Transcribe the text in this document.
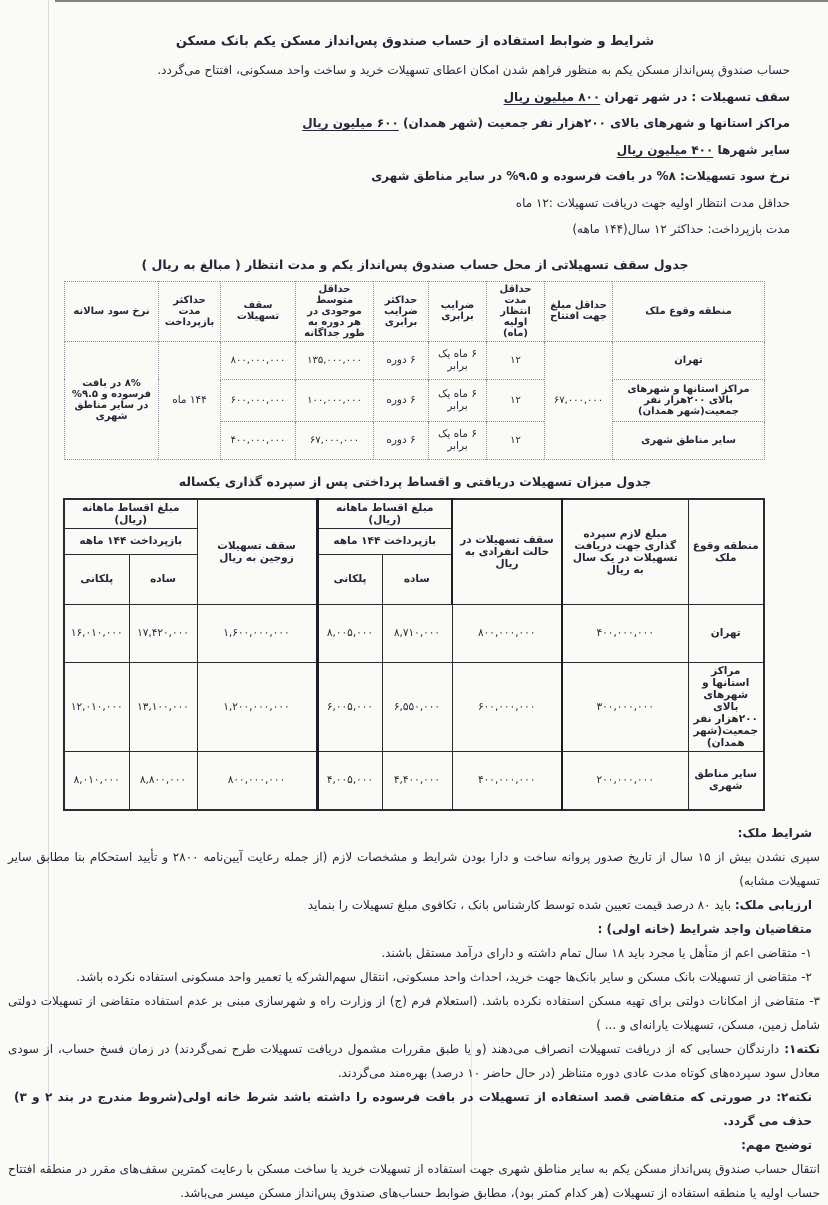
شرایط و ضوابط استفاده از حساب صندوق پس‌انداز مسکن یکم بانک مسکن
حساب صندوق پس‌انداز مسکن یکم به منظور فراهم شدن امکان اعطای تسهیلات خرید و ساخت واحد مسکونی، افتتاح می‌گردد.
سقف تسهیلات : در شهر تهران ۸۰۰ میلیون ریال
مراکز استانها و شهرهای بالای ۲۰۰هزار نفر جمعیت (شهر همدان) ۶۰۰ میلیون ریال
سایر شهرها ۴۰۰ میلیون ریال
نرخ سود تسهیلات: ۸% در بافت فرسوده و ۹.۵% در سایر مناطق شهری
حداقل مدت انتظار اولیه جهت دریافت تسهیلات :۱۲ ماه
مدت بازپرداخت: حداکثر ۱۲ سال(۱۴۴ ماهه)
جدول سقف تسهیلاتی از محل حساب صندوق پس‌انداز یکم و مدت انتظار ( مبالغ به ریال )
منطقه وقوع ملک	حداقل مبلغ جهت افتتاح	حداقل مدت انتظار اولیه (ماه)	ضرایب برابری	حداکثر ضرایب برابری	حداقل متوسط موجودی در هر دوره به طور جداگانه	سقف تسهیلات	حداکثر مدت بازپرداخت	نرخ سود سالانه
تهران	۶۷,۰۰۰,۰۰۰	۱۲	۶ ماه یک برابر	۶ دوره	۱۳۵,۰۰۰,۰۰۰	۸۰۰,۰۰۰,۰۰۰	۱۴۴ ماه	۸% در بافت فرسوده و ۹.۵% در سایر مناطق شهری
مراکز استانها و شهرهای بالای ۲۰۰هزار نفر جمعیت(شهر همدان)		۱۲	۶ ماه یک برابر	۶ دوره	۱۰۰,۰۰۰,۰۰۰	۶۰۰,۰۰۰,۰۰۰		
سایر مناطق شهری		۱۲	۶ ماه یک برابر	۶ دوره	۶۷,۰۰۰,۰۰۰	۴۰۰,۰۰۰,۰۰۰		
جدول میزان تسهیلات دریافتی و اقساط پرداختی پس از سپرده گذاری یکساله
منطقه وقوع ملک	مبلغ لازم سپرده گذاری جهت دریافت تسهیلات در یک سال به ریال	سقف تسهیلات در حالت انفرادی به ریال	مبلغ اقساط ماهانه (ریال)		سقف تسهیلات زوجین به ریال	مبلغ اقساط ماهانه (ریال)	
			بازپرداخت ۱۴۴ ماهه			بازپرداخت ۱۴۴ ماهه	
			ساده	پلکانی		ساده	پلکانی
تهران	۴۰۰,۰۰۰,۰۰۰	۸۰۰,۰۰۰,۰۰۰	۸,۷۱۰,۰۰۰	۸,۰۰۵,۰۰۰	۱,۶۰۰,۰۰۰,۰۰۰	۱۷,۴۲۰,۰۰۰	۱۶,۰۱۰,۰۰۰
مراکز استانها و شهرهای بالای ۲۰۰هزار نفر جمعیت(شهر همدان)	۳۰۰,۰۰۰,۰۰۰	۶۰۰,۰۰۰,۰۰۰	۶,۵۵۰,۰۰۰	۶,۰۰۵,۰۰۰	۱,۲۰۰,۰۰۰,۰۰۰	۱۳,۱۰۰,۰۰۰	۱۲,۰۱۰,۰۰۰
سایر مناطق شهری	۲۰۰,۰۰۰,۰۰۰	۴۰۰,۰۰۰,۰۰۰	۴,۴۰۰,۰۰۰	۴,۰۰۵,۰۰۰	۸۰۰,۰۰۰,۰۰۰	۸,۸۰۰,۰۰۰	۸,۰۱۰,۰۰۰

شرایط ملک:

سپری نشدن بیش از ۱۵ سال از تاریخ صدور پروانه ساخت و دارا بودن شرایط و مشخصات لازم (از جمله رعایت آیین‌نامه ۲۸۰۰ و تأیید استحکام بنا مطابق سایر تسهیلات مشابه)

ارزیابی ملک: باید ۸۰ درصد قیمت تعیین شده توسط کارشناس بانک ، تکافوی مبلغ تسهیلات را بنماید

متقاضیان واجد شرایط (خانه اولی) :

۱- متقاضی اعم از متأهل یا مجرد باید ۱۸ سال تمام داشته و دارای درآمد مستقل باشند.

۲- متقاضی از تسهیلات بانک مسکن و سایر بانک‌ها جهت خرید، احداث واحد مسکونی، انتقال سهم‌الشرکه یا تعمیر واحد مسکونی استفاده نکرده باشد.

۳- متقاضی از امکانات دولتی برای تهیه مسکن استفاده نکرده باشد. (استعلام فرم (ج) از وزارت راه و شهرسازی مبنی بر عدم استفاده متقاضی از تسهیلات دولتی شامل زمین، مسکن، تسهیلات یارانه‌ای و ... )

نکته۱: دارندگان حسابی که از دریافت تسهیلات انصراف می‌دهند (و یا طبق مقررات مشمول دریافت تسهیلات طرح نمی‌گردند) در زمان فسخ حساب، از سودی معادل سود سپرده‌های کوتاه مدت عادی دوره متناظر (در حال حاضر ۱۰ درصد) بهره‌مند می‌گردند.

نکته۲: در صورتی که متقاضی قصد استفاده از تسهیلات در بافت فرسوده را داشته باشد شرط خانه اولی(شروط مندرج در بند ۲ و ۳) حذف می گردد.

توضیح مهم:

انتقال حساب صندوق پس‌انداز مسکن یکم به سایر مناطق شهری جهت استفاده از تسهیلات خرید یا ساخت مسکن با رعایت کمترین سقف‌های مقرر در منطقه افتتاح حساب اولیه یا منطقه استفاده از تسهیلات (هر کدام کمتر بود)، مطابق ضوابط حساب‌های صندوق پس‌انداز مسکن میسر می‌باشد.
